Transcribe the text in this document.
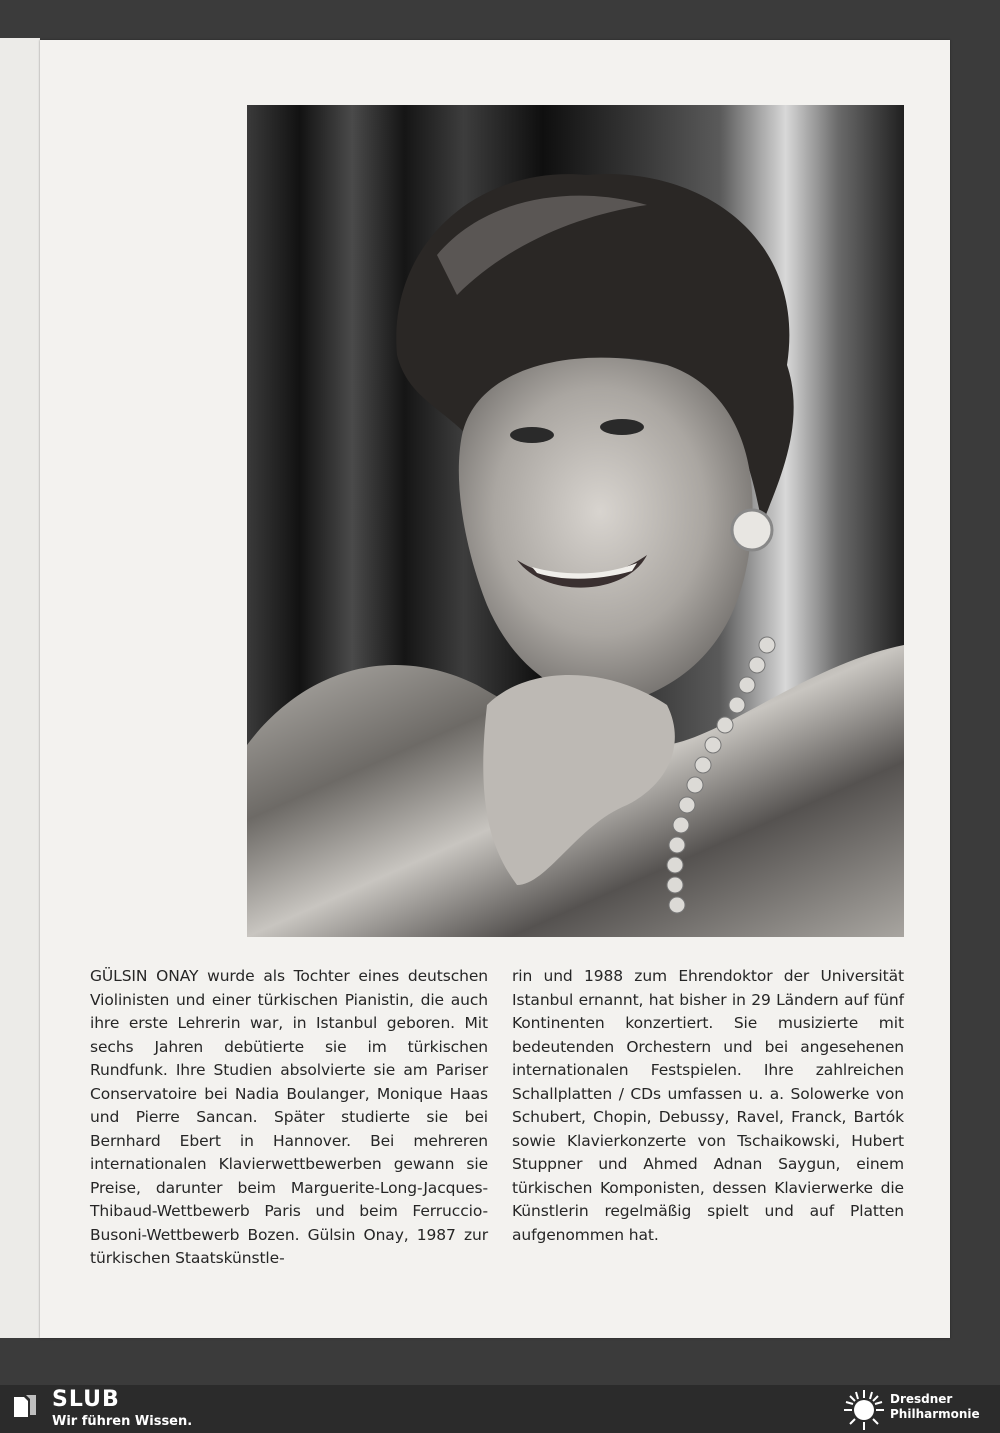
GÜLSIN ONAY wurde als Tochter eines deutschen Violinisten und einer türkischen Pianistin, die auch ihre erste Lehrerin war, in Istanbul geboren. Mit sechs Jahren debütierte sie im türkischen Rundfunk. Ihre Studien absolvierte sie am Pariser Conservatoire bei Nadia Boulanger, Monique Haas und Pierre Sancan. Später studierte sie bei Bernhard Ebert in Hannover. Bei mehreren internationalen Klavierwettbewerben gewann sie Preise, darunter beim Marguerite-Long-Jacques-Thibaud-Wettbewerb Paris und beim Ferruccio-Busoni-Wettbewerb Bozen. Gülsin Onay, 1987 zur türkischen Staatskünstle-
rin und 1988 zum Ehrendoktor der Universität Istanbul ernannt, hat bisher in 29 Ländern auf fünf Kontinenten konzertiert. Sie musizierte mit bedeutenden Orchestern und bei angesehenen internationalen Festspielen. Ihre zahlreichen Schallplatten / CDs umfassen u. a. Solowerke von Schubert, Chopin, Debussy, Ravel, Franck, Bartók sowie Klavierkonzerte von Tschaikowski, Hubert Stuppner und Ahmed Adnan Saygun, einem türkischen Komponisten, dessen Klavierwerke die Künstlerin regelmäßig spielt und auf Platten aufgenommen hat.
SLUB
Wir führen Wissen.
Dresdner
Philharmonie
